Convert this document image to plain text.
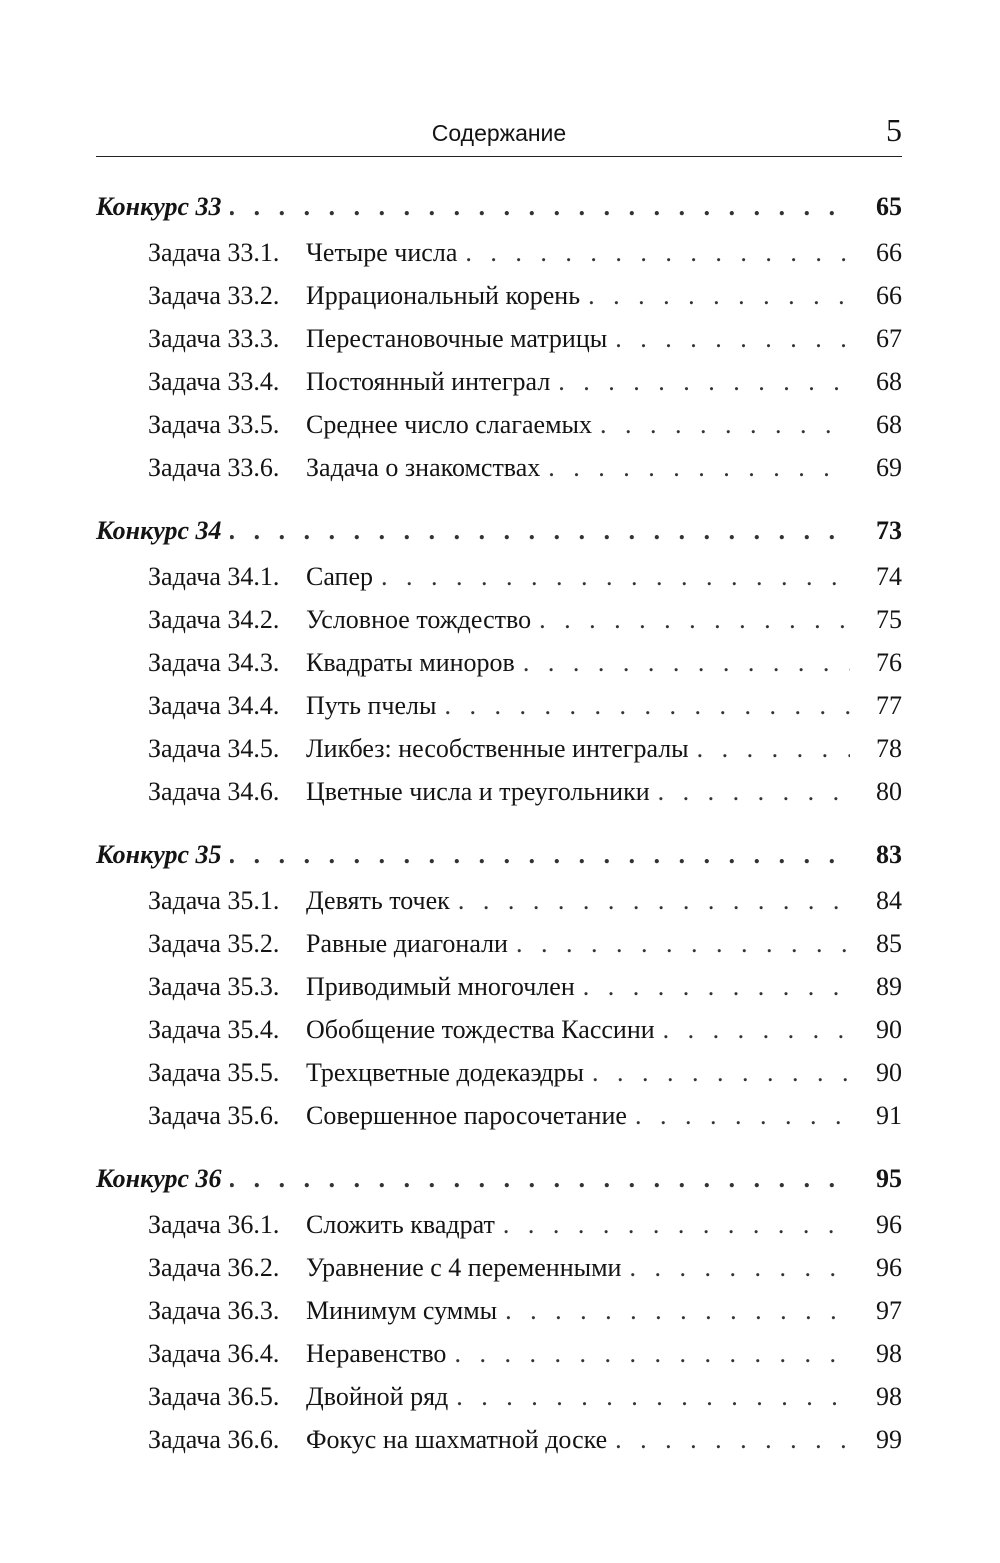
Содержание	5
Конкурс 33 . . .	65
Задача 33.1.	Четыре числа . . .	66
Задача 33.2.	Иррациональный корень . . .	66
Задача 33.3.	Перестановочные матрицы . . .	67
Задача 33.4.	Постоянный интеграл . . .	68
Задача 33.5.	Среднее число слагаемых . . .	68
Задача 33.6.	Задача о знакомствах . . .	69
Конкурс 34 . . .	73
Задача 34.1.	Сапер . . .	74
Задача 34.2.	Условное тождество . . .	75
Задача 34.3.	Квадраты миноров . . .	76
Задача 34.4.	Путь пчелы . . .	77
Задача 34.5.	Ликбез: несобственные интегралы . . .	78
Задача 34.6.	Цветные числа и треугольники . . .	80
Конкурс 35 . . .	83
Задача 35.1.	Девять точек . . .	84
Задача 35.2.	Равные диагонали . . .	85
Задача 35.3.	Приводимый многочлен . . .	89
Задача 35.4.	Обобщение тождества Кассини . . .	90
Задача 35.5.	Трехцветные додекаэдры . . .	90
Задача 35.6.	Совершенное паросочетание . . .	91
Конкурс 36 . . .	95
Задача 36.1.	Сложить квадрат . . .	96
Задача 36.2.	Уравнение с 4 переменными . . .	96
Задача 36.3.	Минимум суммы . . .	97
Задача 36.4.	Неравенство . . .	98
Задача 36.5.	Двойной ряд . . .	98
Задача 36.6.	Фокус на шахматной доске . . .	99
